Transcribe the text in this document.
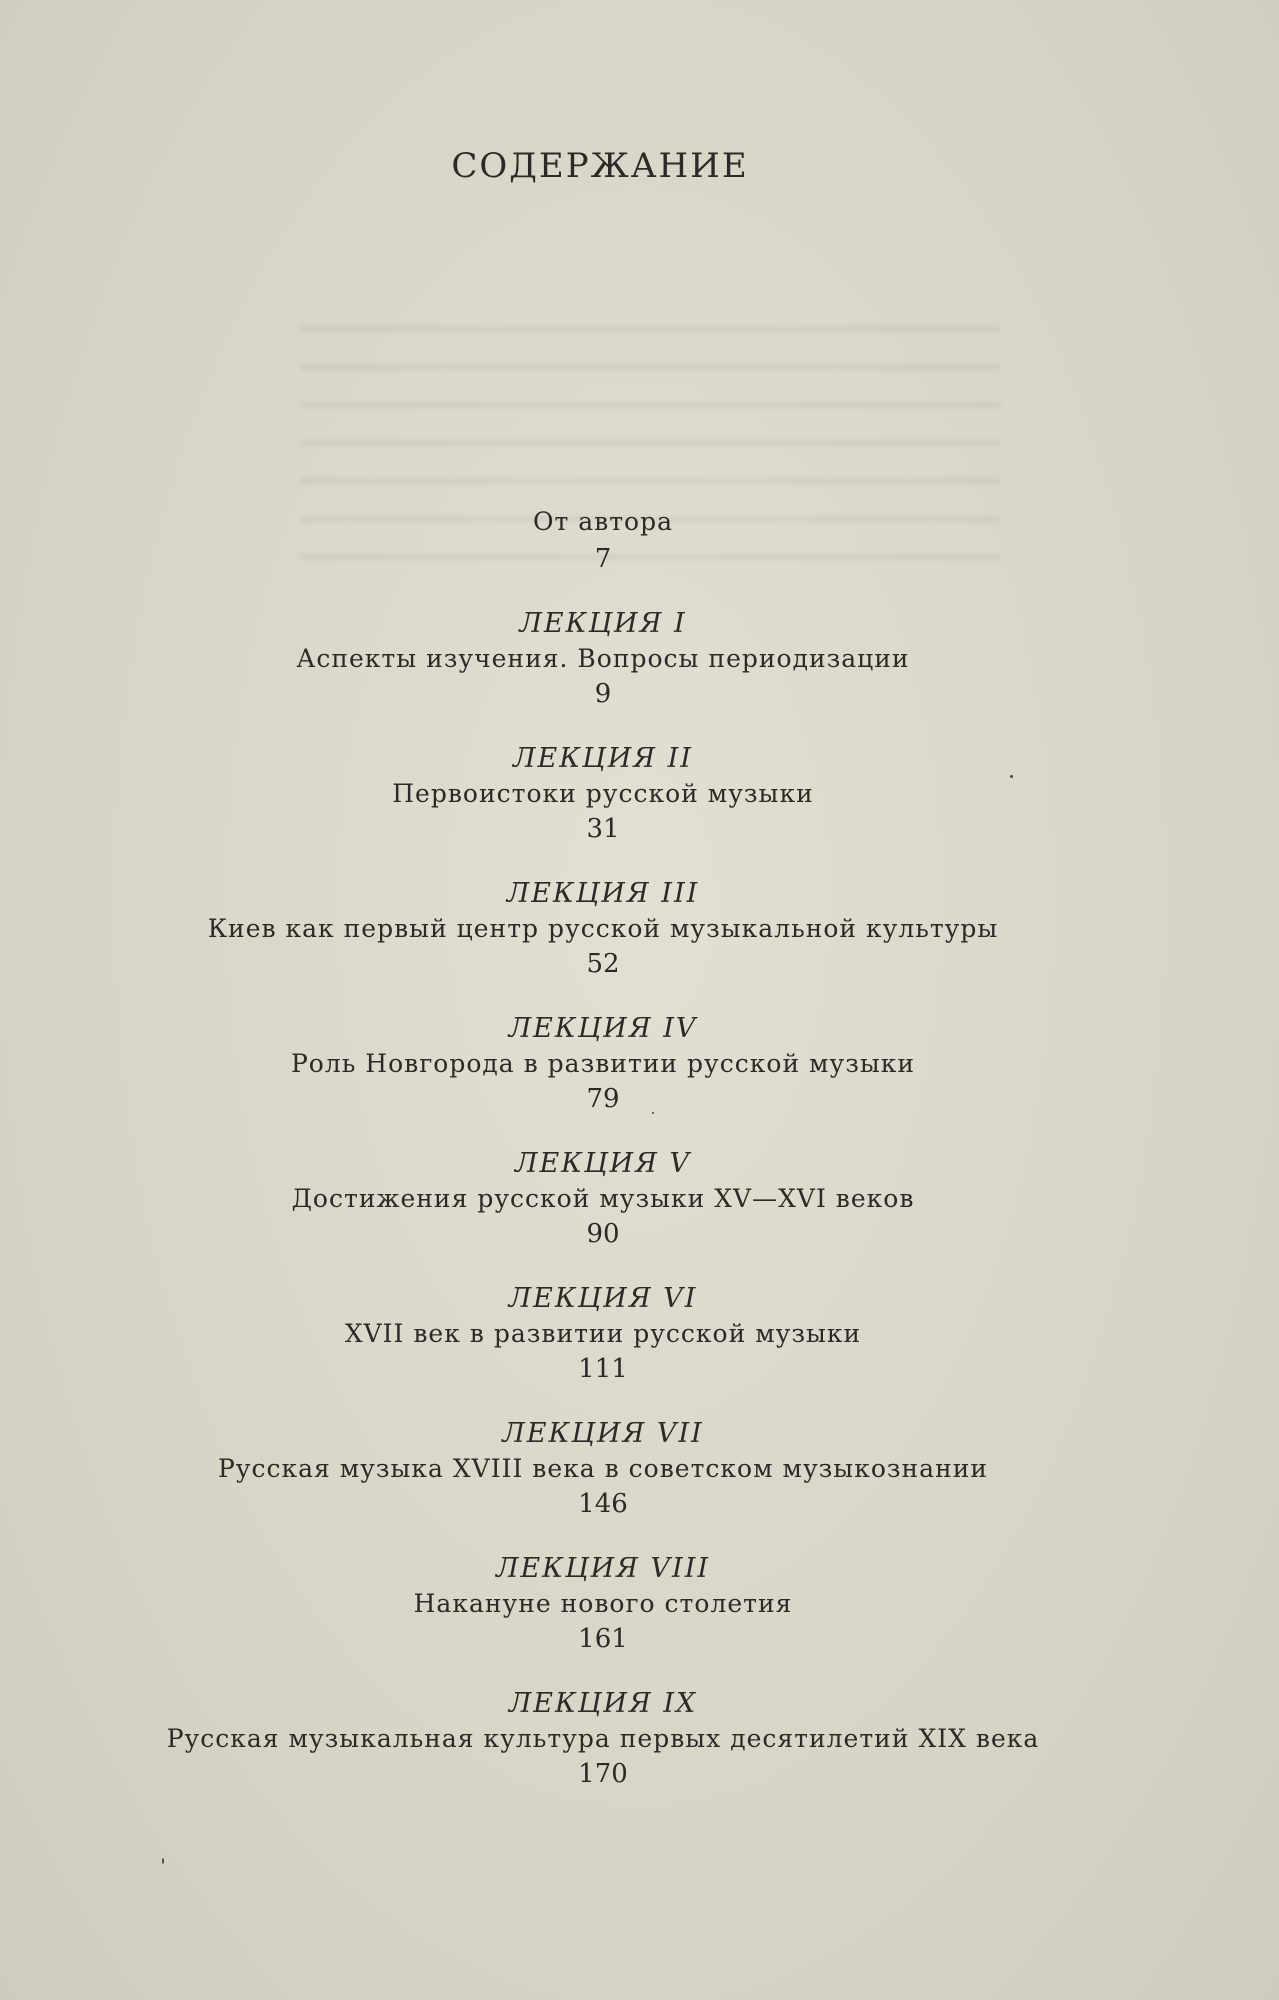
СОДЕРЖАНИЕ
От автора
7
ЛЕКЦИЯ I
Аспекты изучения. Вопросы периодизации
9
ЛЕКЦИЯ II
Первоистоки русской музыки
31
ЛЕКЦИЯ III
Киев как первый центр русской музыкальной культуры
52
ЛЕКЦИЯ IV
Роль Новгорода в развитии русской музыки
79
ЛЕКЦИЯ V
Достижения русской музыки XV—XVI веков
90
ЛЕКЦИЯ VI
XVII век в развитии русской музыки
111
ЛЕКЦИЯ VII
Русская музыка XVIII века в советском музыкознании
146
ЛЕКЦИЯ VIII
Накануне нового столетия
161
ЛЕКЦИЯ IX
Русская музыкальная культура первых десятилетий XIX века
170
